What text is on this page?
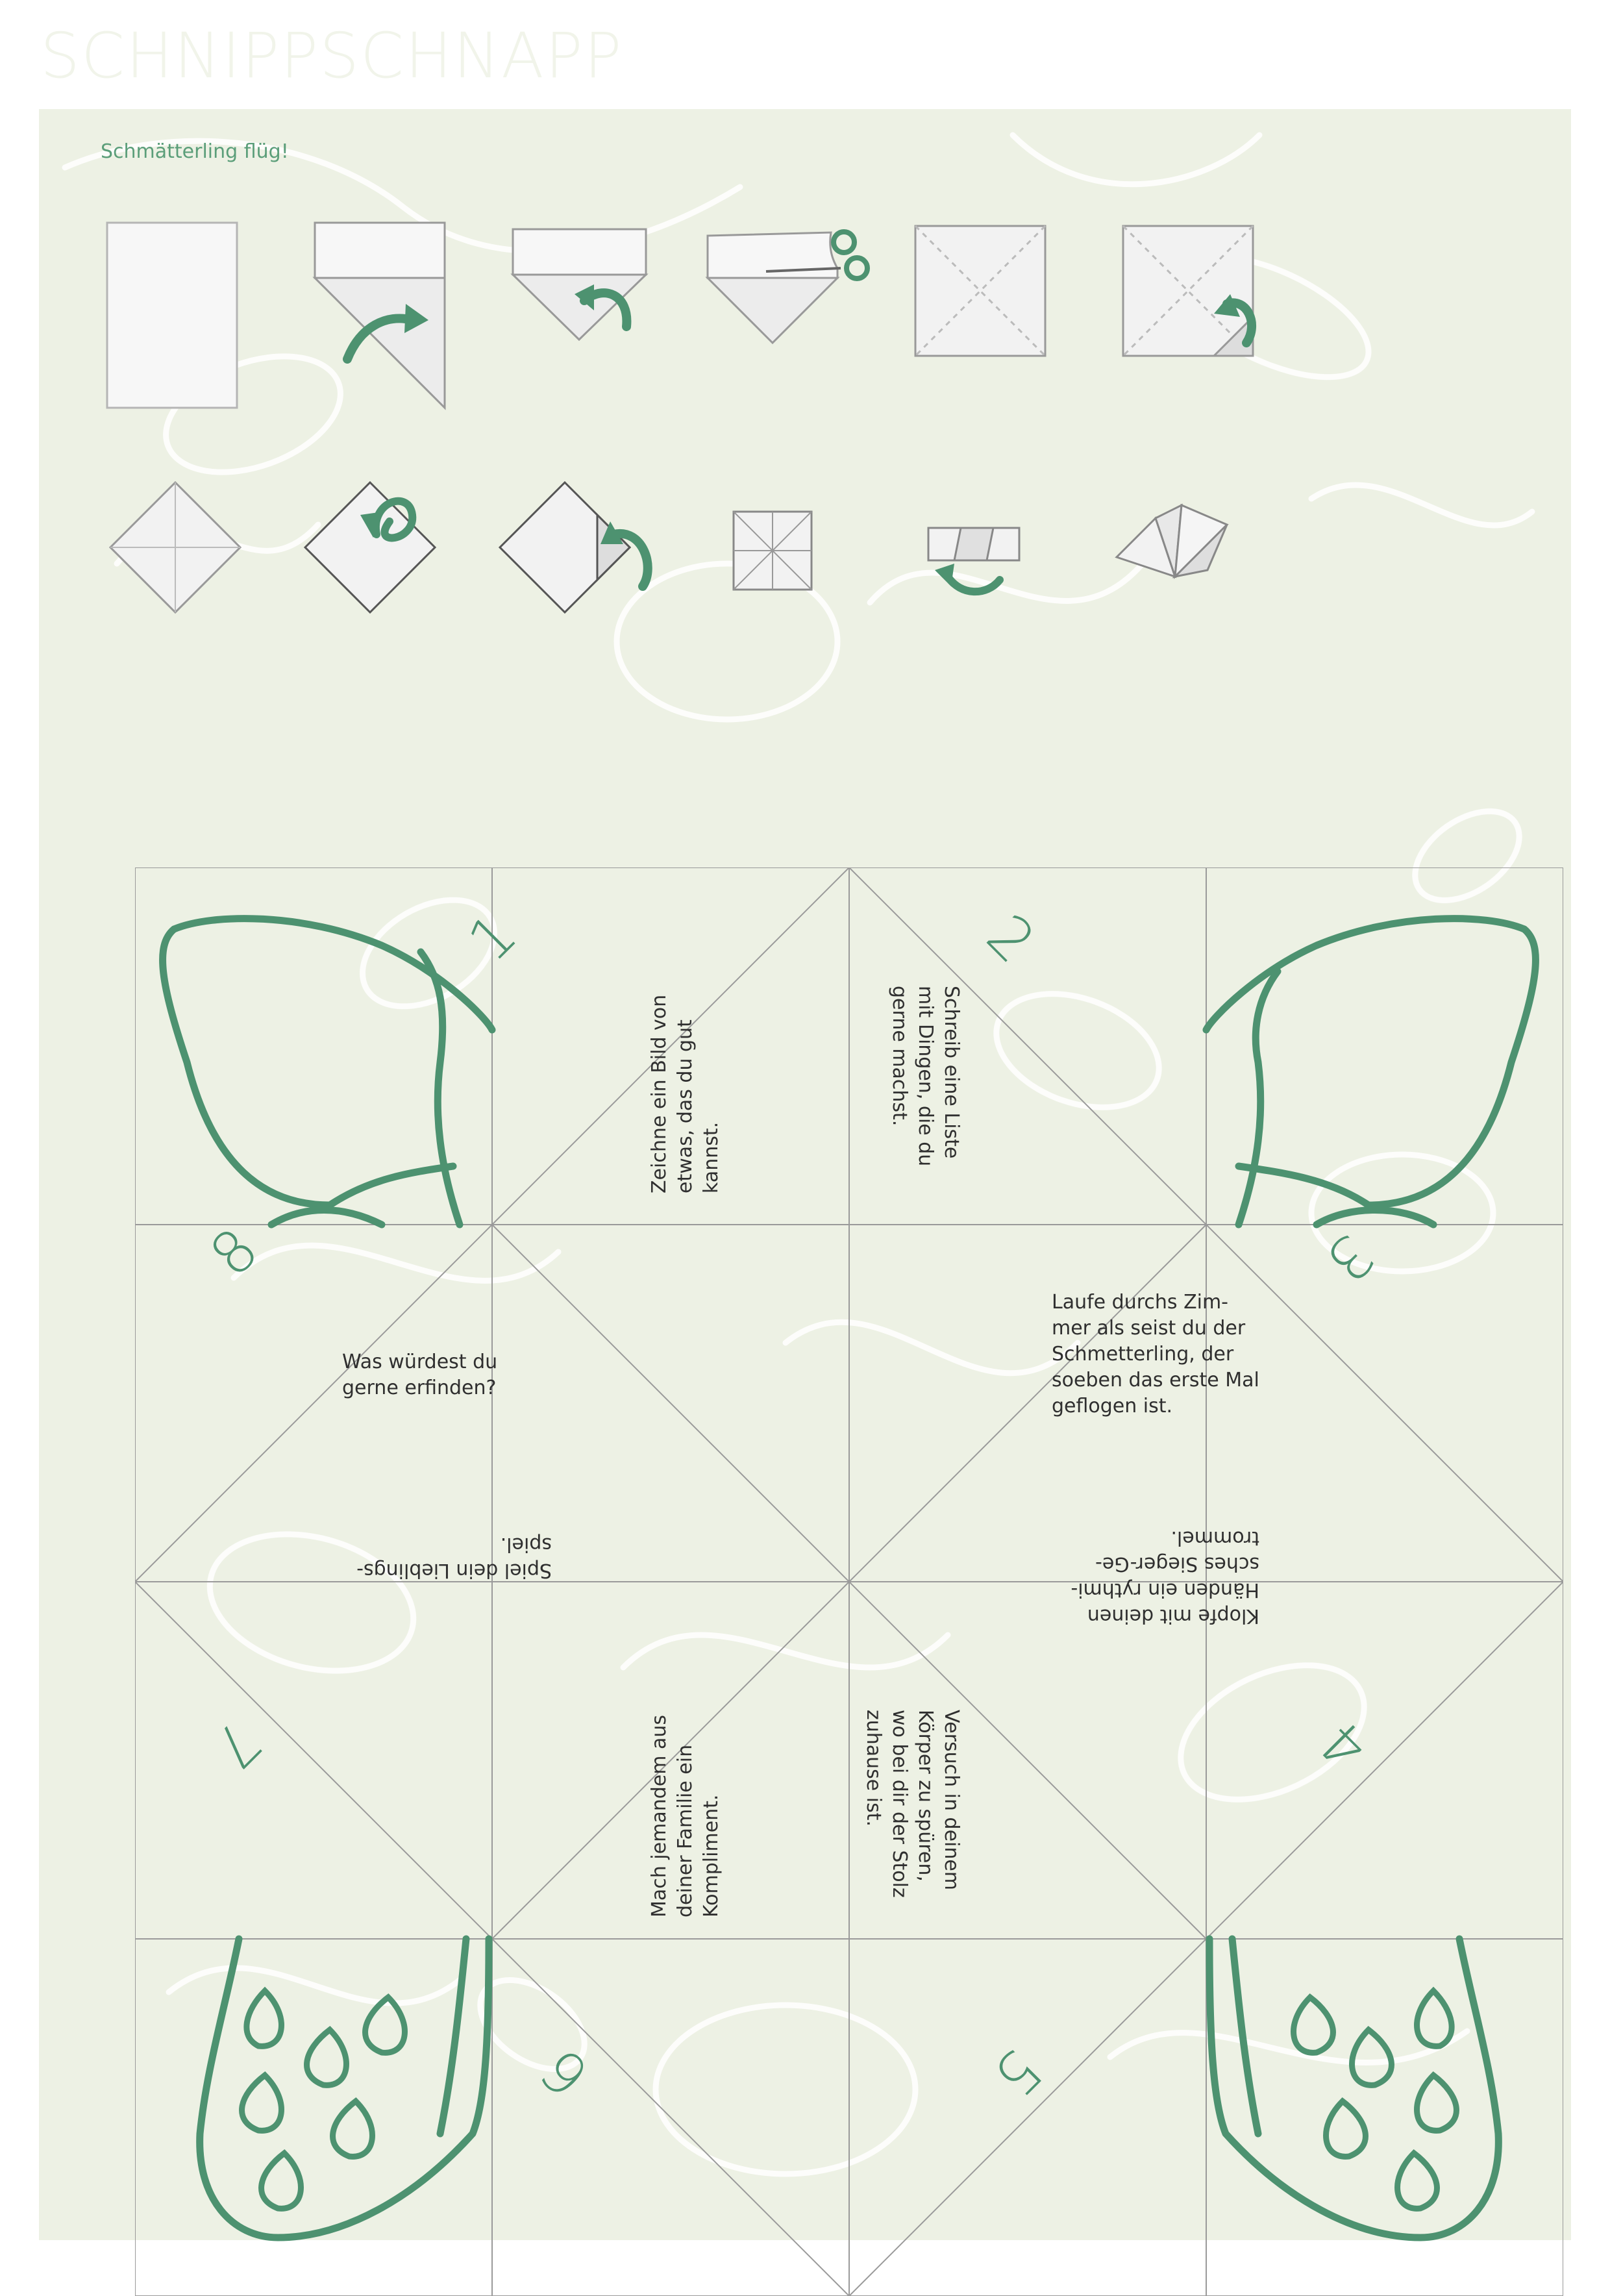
SCHNIPPSCHNAPP

Schmätterling flüg!

1	2
3
4
5
6
7
8
Zeichne ein Bild von
etwas, das du gut
kannst.
Schreib eine Liste
mit Dingen, die du
gerne machst.
Laufe durchs Zim-
mer als seist du der
Schmetterling, der
soeben das erste Mal
geflogen ist.
Klopfe mit deinen
Händen ein rythmi-
sches Sieger-Ge-
trommel.
Versuch in deinem
Körper zu spüren,
wo bei dir der Stolz
zuhause ist.
Mach jemandem aus
deiner Familie ein
Kompliment.
Spiel dein Lieblings-
spiel.
Was würdest du
gerne erfinden?
